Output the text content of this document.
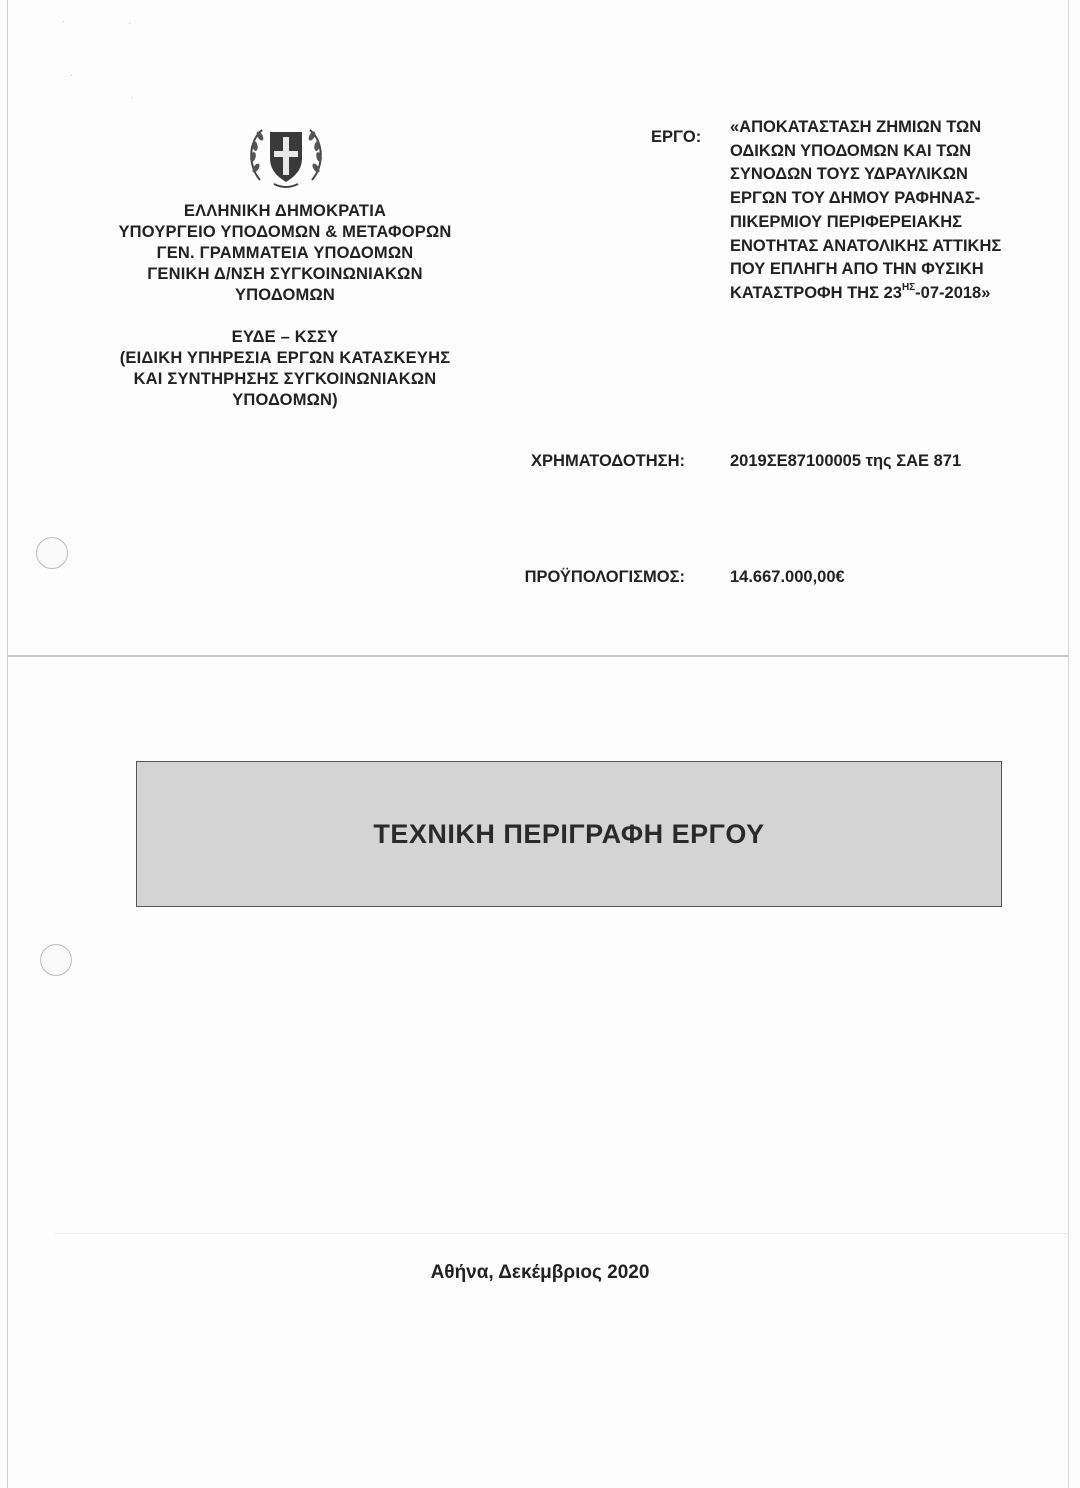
·	·
·
·
ΕΛΛΗΝΙΚΗ ΔΗΜΟΚΡΑΤΙΑ
ΥΠΟΥΡΓΕΙΟ ΥΠΟΔΟΜΩΝ & ΜΕΤΑΦΟΡΩΝ
ΓΕΝ. ΓΡΑΜΜΑΤΕΙΑ ΥΠΟΔΟΜΩΝ
ΓΕΝΙΚΗ Δ/ΝΣΗ ΣΥΓΚΟΙΝΩΝΙΑΚΩΝ
ΥΠΟΔΟΜΩΝ
ΕΥΔΕ – ΚΣΣΥ
(ΕΙΔΙΚΗ ΥΠΗΡΕΣΙΑ ΕΡΓΩΝ ΚΑΤΑΣΚΕΥΗΣ
ΚΑΙ ΣΥΝΤΗΡΗΣΗΣ ΣΥΓΚΟΙΝΩΝΙΑΚΩΝ
ΥΠΟΔΟΜΩΝ)
ΕΡΓΟ:
«ΑΠΟΚΑΤΑΣΤΑΣΗ ΖΗΜΙΩΝ ΤΩΝ
ΟΔΙΚΩΝ ΥΠΟΔΟΜΩΝ ΚΑΙ ΤΩΝ
ΣΥΝΟΔΩΝ ΤΟΥΣ ΥΔΡΑΥΛΙΚΩΝ
ΕΡΓΩΝ ΤΟΥ ΔΗΜΟΥ ΡΑΦΗΝΑΣ-
ΠΙΚΕΡΜΙΟΥ ΠΕΡΙΦΕΡΕΙΑΚΗΣ
ΕΝΟΤΗΤΑΣ ΑΝΑΤΟΛΙΚΗΣ ΑΤΤΙΚΗΣ
ΠΟΥ ΕΠΛΗΓΗ ΑΠΟ ΤΗΝ ΦΥΣΙΚΗ
ΚΑΤΑΣΤΡΟΦΗ ΤΗΣ $23^{H\Sigma}-07-2018$»
ΧΡΗΜΑΤΟΔΟΤΗΣΗ:	2019ΣΕ87100005 της ΣΑΕ 871
ΠΡΟΫΠΟΛΟΓΙΣΜΟΣ:	14.667.000,00€
ΤΕΧΝΙΚΗ ΠΕΡΙΓΡΑΦΗ ΕΡΓΟΥ
Αθήνα, Δεκέμβριος 2020
